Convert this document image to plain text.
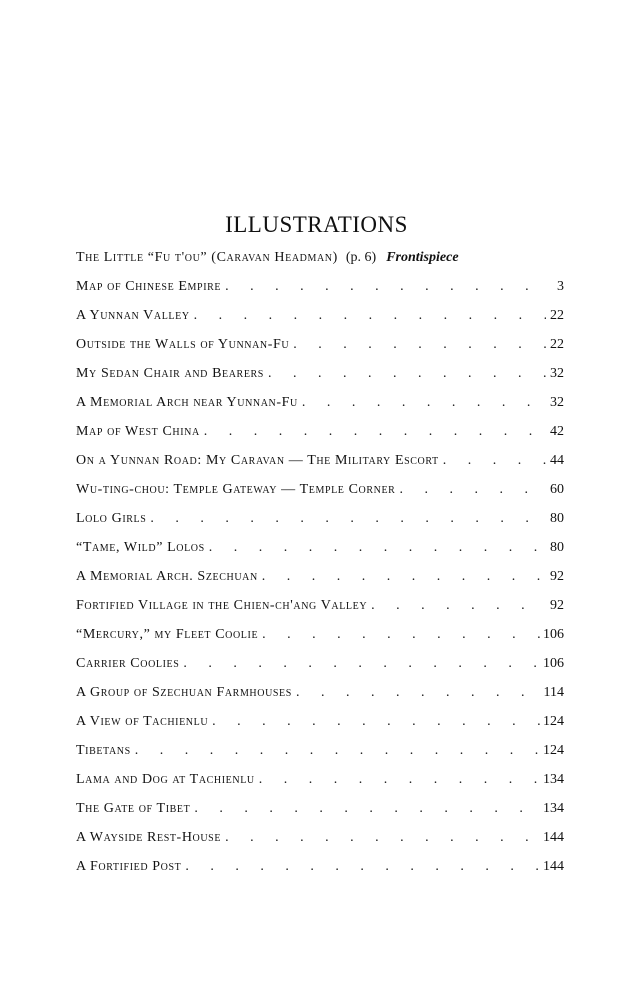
ILLUSTRATIONS
The Little “Fu t'ou” (Caravan Headman) (p. 6) Frontispiece
Map of Chinese Empire . . .	3
A Yunnan Valley . . .	22
Outside the Walls of Yunnan-Fu . . .	22
My Sedan Chair and Bearers . . .	32
A Memorial Arch near Yunnan-Fu . . .	32
Map of West China . . .	42
On a Yunnan Road: My Caravan — The Military Escort . . .	44
Wu-ting-chou: Temple Gateway — Temple Corner . . .	60
Lolo Girls . . .	80
“Tame, Wild” Lolos . . .	80
A Memorial Arch. Szechuan . . .	92
Fortified Village in the Chien-ch'ang Valley . . .	92
“Mercury,” my Fleet Coolie . . .	106
Carrier Coolies . . .	106
A Group of Szechuan Farmhouses . . .	114
A View of Tachienlu . . .	124
Tibetans . . .	124
Lama and Dog at Tachienlu . . .	134
The Gate of Tibet . . .	134
A Wayside Rest-House . . .	144
A Fortified Post . . .	144
